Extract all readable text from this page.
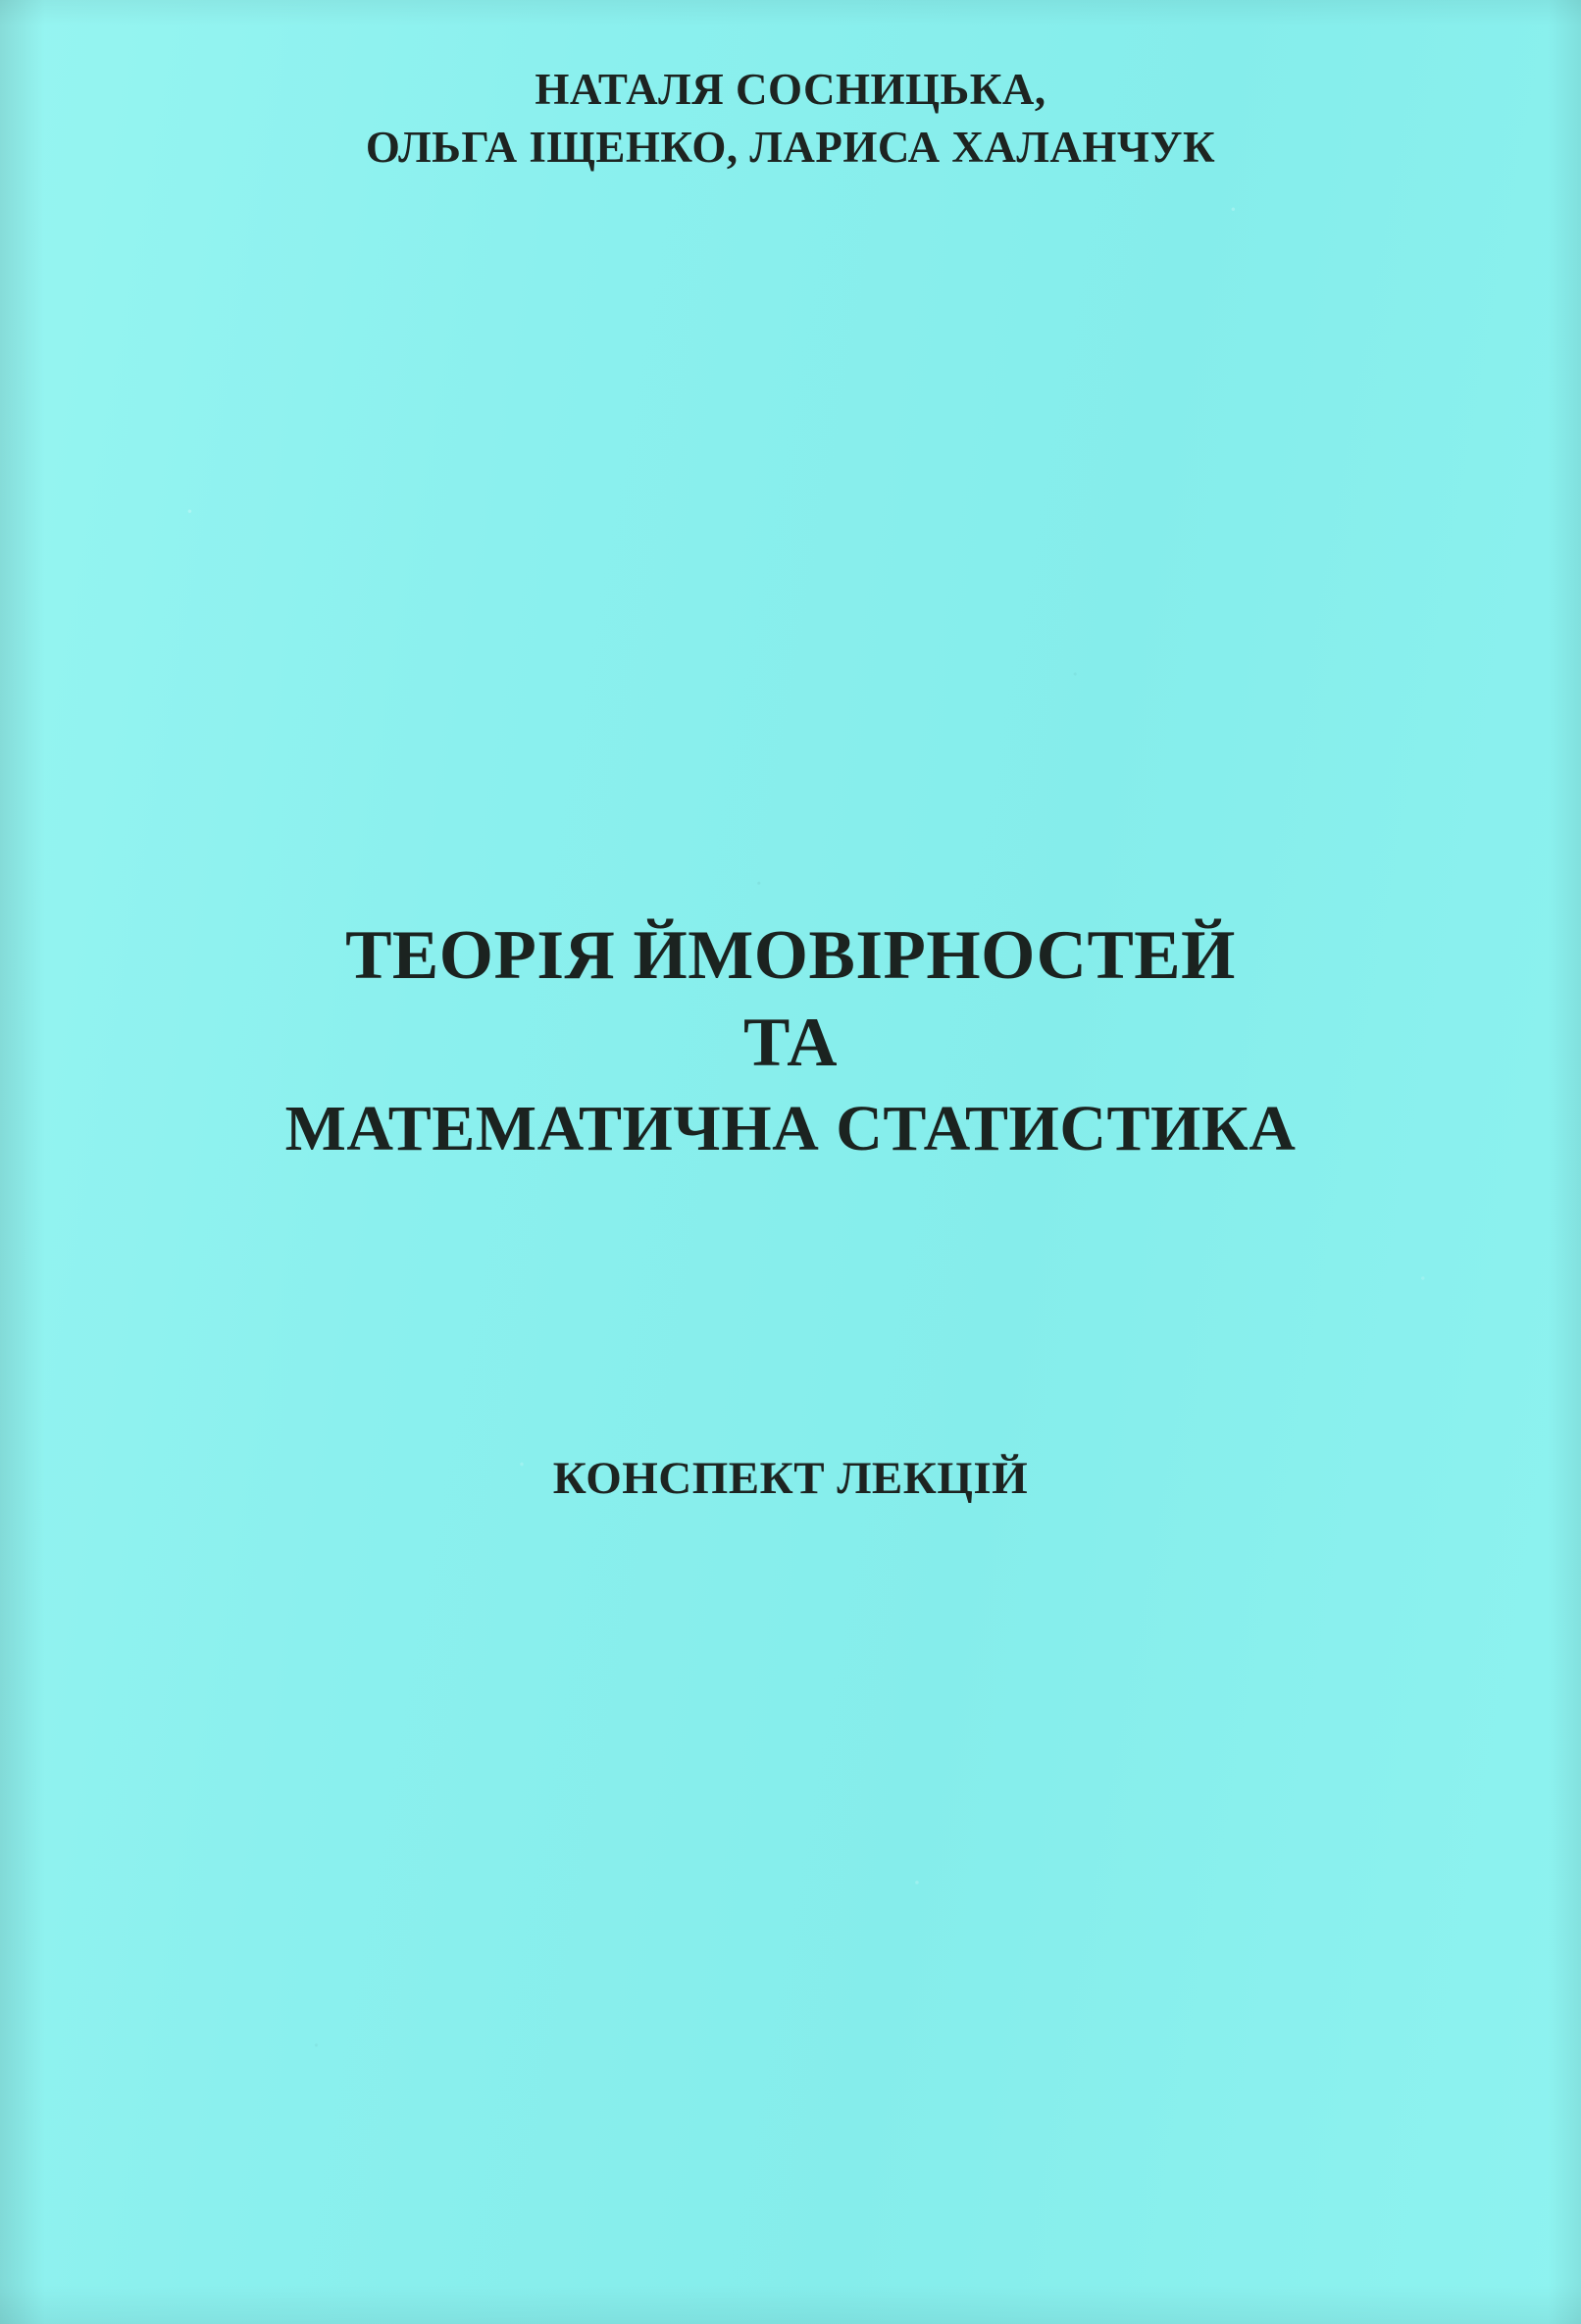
НАТАЛЯ СОСНИЦЬКА,
ОЛЬГА ІЩЕНКО, ЛАРИСА ХАЛАНЧУК
ТЕОРІЯ ЙМОВІРНОСТЕЙ
ТА
МАТЕМАТИЧНА СТАТИСТИКА
КОНСПЕКТ ЛЕКЦІЙ
